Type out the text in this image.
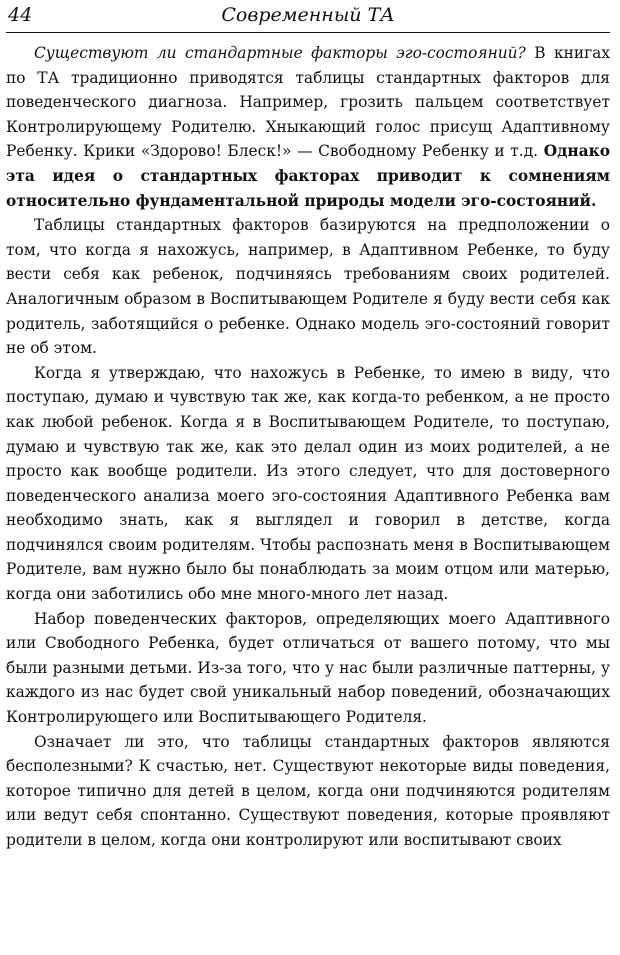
44	Современный ТА

Существуют ли стандартные факторы эго-состояний? В книгах по ТА традиционно приводятся таблицы стандартных факторов для поведенческого диагноза. Например, грозить пальцем соответствует Контролирующему Родителю. Хныкающий голос присущ Адаптивному Ребенку. Крики «Здорово! Блеск!» — Свободному Ребенку и т.д. Однако эта идея о стандартных факторах приводит к сомнениям относительно фундаментальной природы модели эго-состояний.

Таблицы стандартных факторов базируются на предположении о том, что когда я нахожусь, например, в Адаптивном Ребенке, то буду вести себя как ребенок, подчиняясь требованиям своих родителей. Аналогичным образом в Воспитывающем Родителе я буду вести себя как родитель, заботящийся о ребенке. Однако модель эго-состояний говорит не об этом.

Когда я утверждаю, что нахожусь в Ребенке, то имею в виду, что поступаю, думаю и чувствую так же, как когда-то ребенком, а не просто как любой ребенок. Когда я в Воспитывающем Родителе, то поступаю, думаю и чувствую так же, как это делал один из моих родителей, а не просто как вообще родители. Из этого следует, что для достоверного поведенческого анализа моего эго-состояния Адаптивного Ребенка вам необходимо знать, как я выглядел и говорил в детстве, когда подчинялся своим родителям. Чтобы распознать меня в Воспитывающем Родителе, вам нужно было бы понаблюдать за моим отцом или матерью, когда они заботились обо мне много-много лет назад.

Набор поведенческих факторов, определяющих моего Адаптивного или Свободного Ребенка, будет отличаться от вашего потому, что мы были разными детьми. Из-за того, что у нас были различные паттерны, у каждого из нас будет свой уникальный набор поведений, обозначающих Контролирующего или Воспитывающего Родителя.

Означает ли это, что таблицы стандартных факторов являются бесполезными? К счастью, нет. Существуют некоторые виды поведения, которое типично для детей в целом, когда они подчиняются родителям или ведут себя спонтанно. Существуют поведения, которые проявляют родители в целом, когда они контролируют или воспитывают своих
